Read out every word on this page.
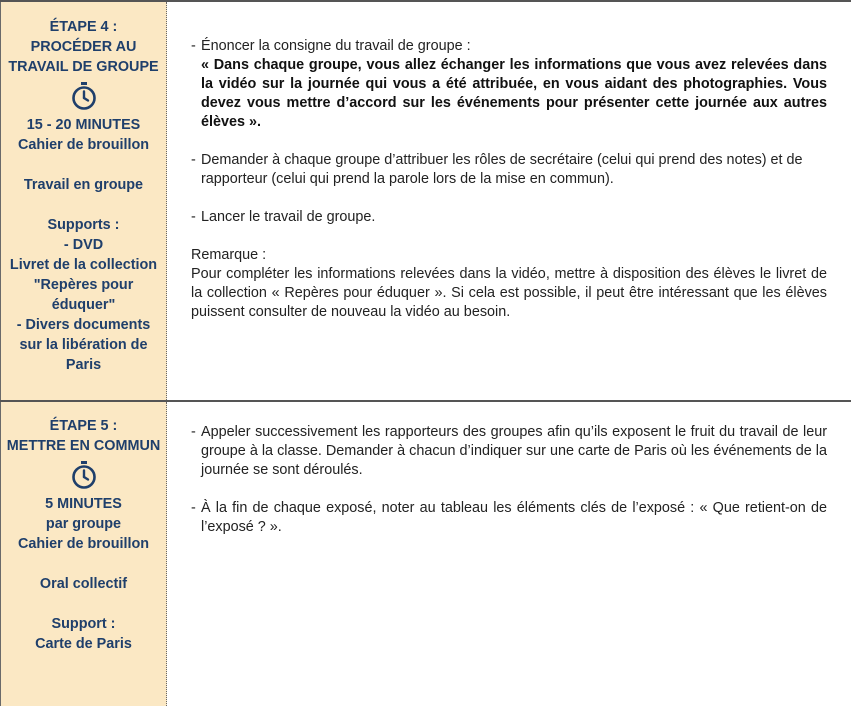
ÉTAPE 4 :
PROCÉDER AU
TRAVAIL DE GROUPE
15 - 20 MINUTES
Cahier de brouillon
Travail en groupe
Supports :
- DVD
Livret de la collection
"Repères pour
éduquer"
- Divers documents
sur la libération de
Paris
- Énoncer la consigne du travail de groupe :
« Dans chaque groupe, vous allez échanger les informations que vous avez relevées dans la vidéo sur la journée qui vous a été attribuée, en vous aidant des photographies. Vous devez vous mettre d’accord sur les événements pour présenter cette journée aux autres élèves ».
- Demander à chaque groupe d’attribuer les rôles de secrétaire (celui qui prend des notes) et de rapporteur (celui qui prend la parole lors de la mise en commun).
- Lancer le travail de groupe.
Remarque :
Pour compléter les informations relevées dans la vidéo, mettre à disposition des élèves le livret de la collection « Repères pour éduquer ». Si cela est possible, il peut être intéressant que les élèves puissent consulter de nouveau la vidéo au besoin.
ÉTAPE 5 :
METTRE EN COMMUN
5 MINUTES
par groupe
Cahier de brouillon
Oral collectif
Support :
Carte de Paris
- Appeler successivement les rapporteurs des groupes afin qu’ils exposent le fruit du travail de leur groupe à la classe. Demander à chacun d’indiquer sur une carte de Paris où les événements de la journée se sont déroulés.
- À la fin de chaque exposé, noter au tableau les éléments clés de l’exposé : « Que retient-on de l’exposé ? ».
